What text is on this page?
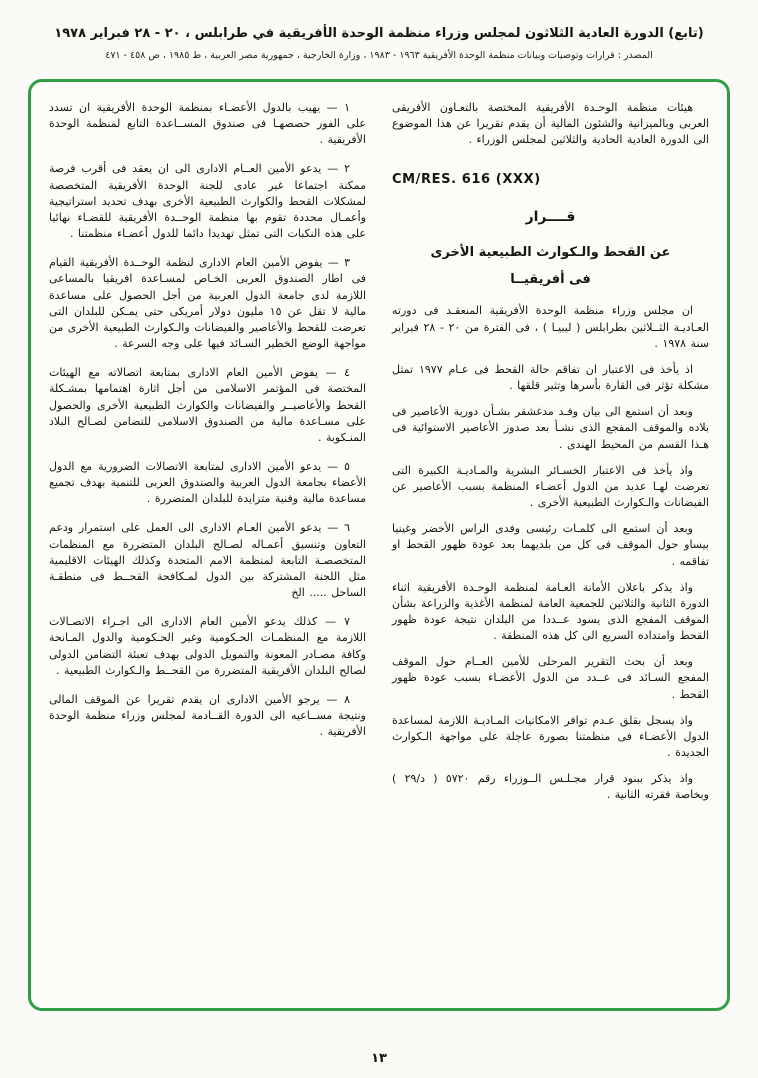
(تابع) الدورة العادية الثلاثون لمجلس وزراء منظمة الوحدة الأفريقية في طرابلس ، ٢٠ - ٢٨ فبراير ١٩٧٨
المصدر : قرارات وتوصيات وبيانات منظمة الوحدة الأفريقية ١٩٦٣ - ١٩٨٣ ، وزارة الخارجية ، جمهورية مصر العربية ، ط ١٩٨٥ ، ص ٤٥٨ - ٤٧١

هيئات منظمة الوحـدة الأفريقية المختصة بالتعـاون الأفريقى العربى وبالميزانية والشئون المالية أن يقدم تقريرا عن هذا الموضوع الى الدورة العادية الحادية والثلاثين لمجلس الوزراء .

CM/RES. 616 (XXX)
قــــرار
عن القحط والـكوارث الطبيعية الأخرى
فى أفريقيــا

ان مجلس وزراء منظمة الوحدة الأفريقية المنعقـد فى دورته العـاديـة الثــلاثين بطرابلس ( ليبيـا ) ، فى الفترة من ٢٠ - ٢٨ فبراير سنة ١٩٧٨ .

اذ يأخذ فى الاعتبار ان تفاقم حالة القحط فى عـام ١٩٧٧ تمثل مشكلة تؤثر فى القارة بأسرها وتثير قلقها .

وبعد أن استمع الى بيان وفـد مدغشقر بشـأن دورية الأعاصير فى بلاده والموقف المفجع الذى نشـأ بعد صدور الأعاصير الاستوائية فى هـذا القسم من المحيط الهندى .

واذ يأخذ فى الاعتبار الخسـائر البشرية والمـاديـة الكبيرة التى تعرضت لهـا عديد من الدول أعضـاء المنظمة بسبب الأعاصير عن الفيضانات والـكوارث الطبيعية الأخرى .

وبعد أن استمع الى كلمـات رئيسى وفدى الراس الأخضر وغينيا بيساو حول الموقف فى كل من بلديهما بعد عودة ظهور القحط او تفاقمه .

واذ يذكر باعلان الأمانة العـامة لمنظمة الوحـدة الأفريقية اثناء الدورة الثانية والثلاثين للجمعية العامة لمنظمة الأغذية والزراعة بشأن الموقف المفجع الذى يسود عــددا من البلدان نتيجة عودة ظهور القحط وامتداده السريع الى كل هذه المنطقة .

وبعد أن بحث التقرير المرحلى للأمين العــام حول الموقف المفجع السـائد فى عــدد من الدول الأعضـاء بسبب عودة ظهور القحط .

واذ يسجل بقلق عـدم توافر الامكانيات المـاديـة اللازمة لمساعدة الدول الأعضـاء فى منظمتنا بصورة عاجلة على مواجهة الـكوارث الجديدة .

واذ يذكر ببنود قرار مجـلـس الــوزراء رقم ٥٧٢٠ ( د/٢٩ ) وبخاصة فقرته الثانية .

١ — يهيب بالدول الأعضـاء بمنظمة الوحدة الأفريقية ان تسدد على الفور حصصهـا فى صندوق المســاعدة التابع لمنظمة الوحدة الأفريقية .

٢ — يدعو الأمين العــام الادارى الى ان يعقد فى أقرب فرصة ممكنة اجتماعا غير عادى للجنة الوحدة الأفريقية المتخصصة لمشكلات القحط والكوارث الطبيعية الأخرى بهدف تحديد استراتيجية وأعمـال محددة تقوم بها منظمة الوحــدة الأفريقية للقضـاء نهائيا على هذه النكبات التى تمثل تهديدا دائما للدول أعضـاء منظمتنا .

٣ — يفوض الأمين العام الادارى لنظمة الوحــدة الأفريقية القيام فى اطار الصندوق العربى الخـاص لمسـاعدة افريقيا بالمساعى اللازمة لدى جامعة الدول العربية من أجل الحصول على مساعدة مالية لا تقل عن ١٥ مليون دولار أمريكى حتى يمـكن للبلدان التى تعرضت للقحط والأعاصير والفيضانات والـكوارث الطبيعية الأخرى من مواجهة الوضع الخطير السـائد فيها على وجه السرعة .

٤ — يفوض الأمين العام الادارى بمتابعة اتصالاته مع الهيئات المختصة فى المؤتمر الاسلامى من أجل اثارة اهتمامها بمشـكلة القحط والأعاصيــر والفيضانات والكوارث الطبيعية الأخرى والحصول على مسـاعدة مالية من الصندوق الاسلامى للتضامن لصـالح البلاد المنـكوبة .

٥ — يدعو الأمين الادارى لمتابعة الاتصالات الضرورية مع الدول الأعضاء بجامعة الدول العربية والصندوق العربى للتنمية بهدف تجميع مساعدة مالية وفنية متزايدة للبلدان المتضررة .

٦ — يدعو الأمين العـام الادارى الى العمل على استمرار ودعم التعاون وتنسيق أعمـاله لصـالح البلدان المتضررة مع المنظمات المتخصصـة التابعة لمنظمة الامم المتحدة وكذلك الهيئات الاقليمية مثل اللجنة المشتركة بين الدول لمـكافحة القحــط فى منطقـة الساحل ..... الخ

٧ — كذلك يدعو الأمين العام الادارى الى اجـراء الاتصـالات اللازمة مع المنظمـات الحـكومية وغير الحـكومية والدول المـانحة وكافة مصـادر المعونة والتمويل الدولى بهدف تعبئة التضامن الدولى لصالح البلدان الأفريقية المتضررة من القحــط والـكوارث الطبيعية .

٨ — يرجو الأمين الادارى ان يقدم تقريرا عن الموقف المالى ونتيجة مســاعيه الى الدورة القــادمة لمجلس وزراء منظمة الوحدة الأفريقية .

١٣
